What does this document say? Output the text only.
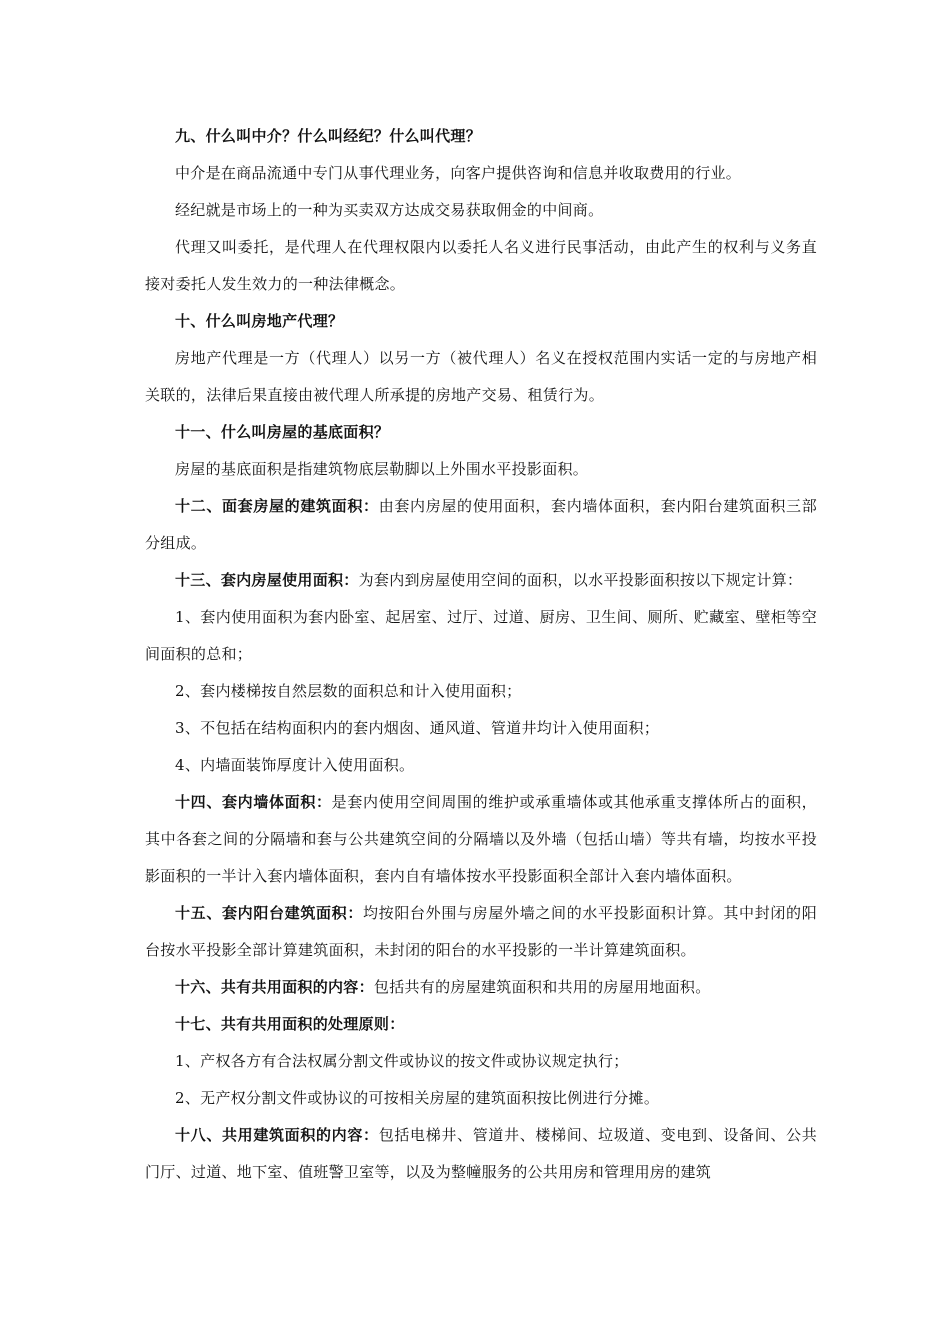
九、什么叫中介？什么叫经纪？什么叫代理？

中介是在商品流通中专门从事代理业务，向客户提供咨询和信息并收取费用的行业。

经纪就是市场上的一种为买卖双方达成交易获取佣金的中间商。

代理又叫委托，是代理人在代理权限内以委托人名义进行民事活动，由此产生的权利与义务直接对委托人发生效力的一种法律概念。

十、什么叫房地产代理？

房地产代理是一方（代理人）以另一方（被代理人）名义在授权范围内实话一定的与房地产相关联的，法律后果直接由被代理人所承提的房地产交易、租赁行为。

十一、什么叫房屋的基底面积？

房屋的基底面积是指建筑物底层勒脚以上外围水平投影面积。

十二、面套房屋的建筑面积：由套内房屋的使用面积，套内墙体面积，套内阳台建筑面积三部分组成。

十三、套内房屋使用面积：为套内到房屋使用空间的面积，以水平投影面积按以下规定计算：

1、套内使用面积为套内卧室、起居室、过厅、过道、厨房、卫生间、厕所、贮藏室、壁柜等空间面积的总和；

2、套内楼梯按自然层数的面积总和计入使用面积；

3、不包括在结构面积内的套内烟囱、通风道、管道井均计入使用面积；

4、内墙面装饰厚度计入使用面积。

十四、套内墙体面积：是套内使用空间周围的维护或承重墙体或其他承重支撑体所占的面积，其中各套之间的分隔墙和套与公共建筑空间的分隔墙以及外墙（包括山墙）等共有墙，均按水平投影面积的一半计入套内墙体面积，套内自有墙体按水平投影面积全部计入套内墙体面积。

十五、套内阳台建筑面积：均按阳台外围与房屋外墙之间的水平投影面积计算。其中封闭的阳台按水平投影全部计算建筑面积，未封闭的阳台的水平投影的一半计算建筑面积。

十六、共有共用面积的内容：包括共有的房屋建筑面积和共用的房屋用地面积。

十七、共有共用面积的处理原则：

1、产权各方有合法权属分割文件或协议的按文件或协议规定执行；

2、无产权分割文件或协议的可按相关房屋的建筑面积按比例进行分摊。

十八、共用建筑面积的内容：包括电梯井、管道井、楼梯间、垃圾道、变电到、设备间、公共门厅、过道、地下室、值班警卫室等，以及为整幢服务的公共用房和管理用房的建筑
